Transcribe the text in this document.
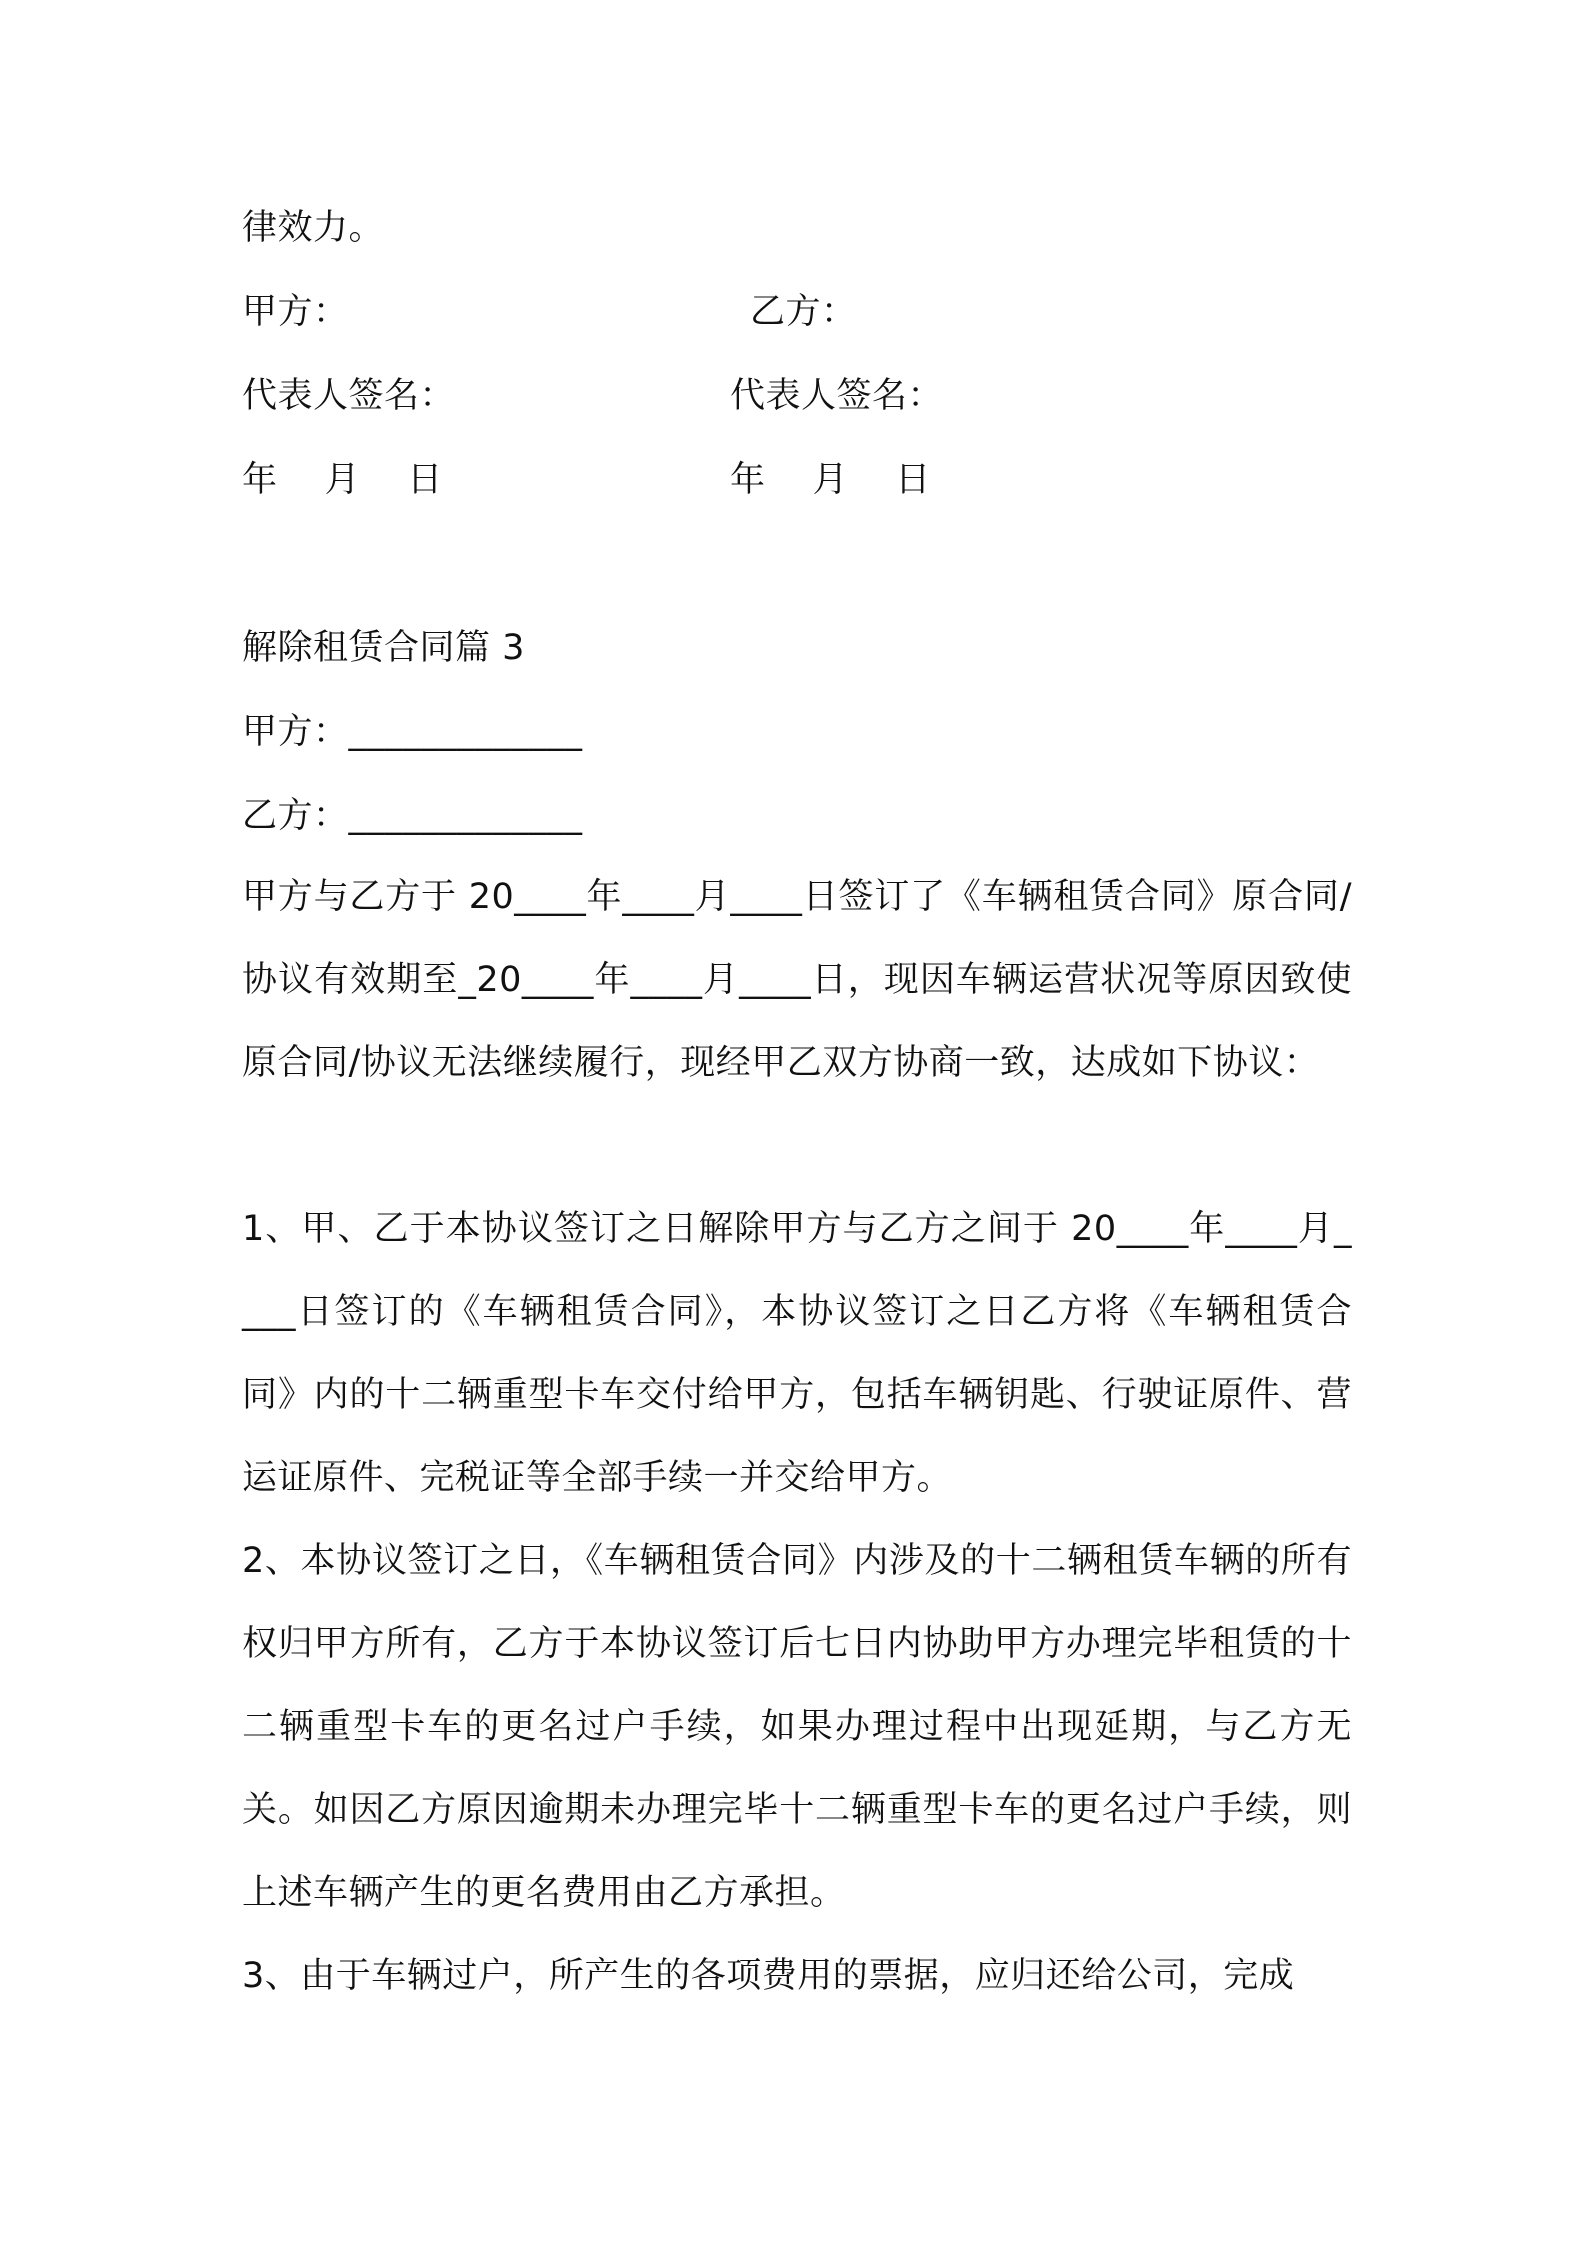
律效力。
甲方：	乙方：
代表人签名：	代表人签名：
年　 月　 日	年　 月　 日
解除租赁合同篇 3
甲方：_____________
乙方：_____________
甲方与乙方于 20____年____月____日签订了《车辆租赁合同》原合同/协议有效期至_20____年____月____日，现因车辆运营状况等原因致使原合同/协议无法继续履行，现经甲乙双方协商一致，达成如下协议：
1、甲、乙于本协议签订之日解除甲方与乙方之间于 20____年____月____日签订的《车辆租赁合同》，本协议签订之日乙方将《车辆租赁合同》内的十二辆重型卡车交付给甲方，包括车辆钥匙、行驶证原件、营运证原件、完税证等全部手续一并交给甲方。
2、本协议签订之日，《车辆租赁合同》内涉及的十二辆租赁车辆的所有权归甲方所有，乙方于本协议签订后七日内协助甲方办理完毕租赁的十二辆重型卡车的更名过户手续，如果办理过程中出现延期，与乙方无关。如因乙方原因逾期未办理完毕十二辆重型卡车的更名过户手续，则上述车辆产生的更名费用由乙方承担。
3、由于车辆过户，所产生的各项费用的票据，应归还给公司，完成
